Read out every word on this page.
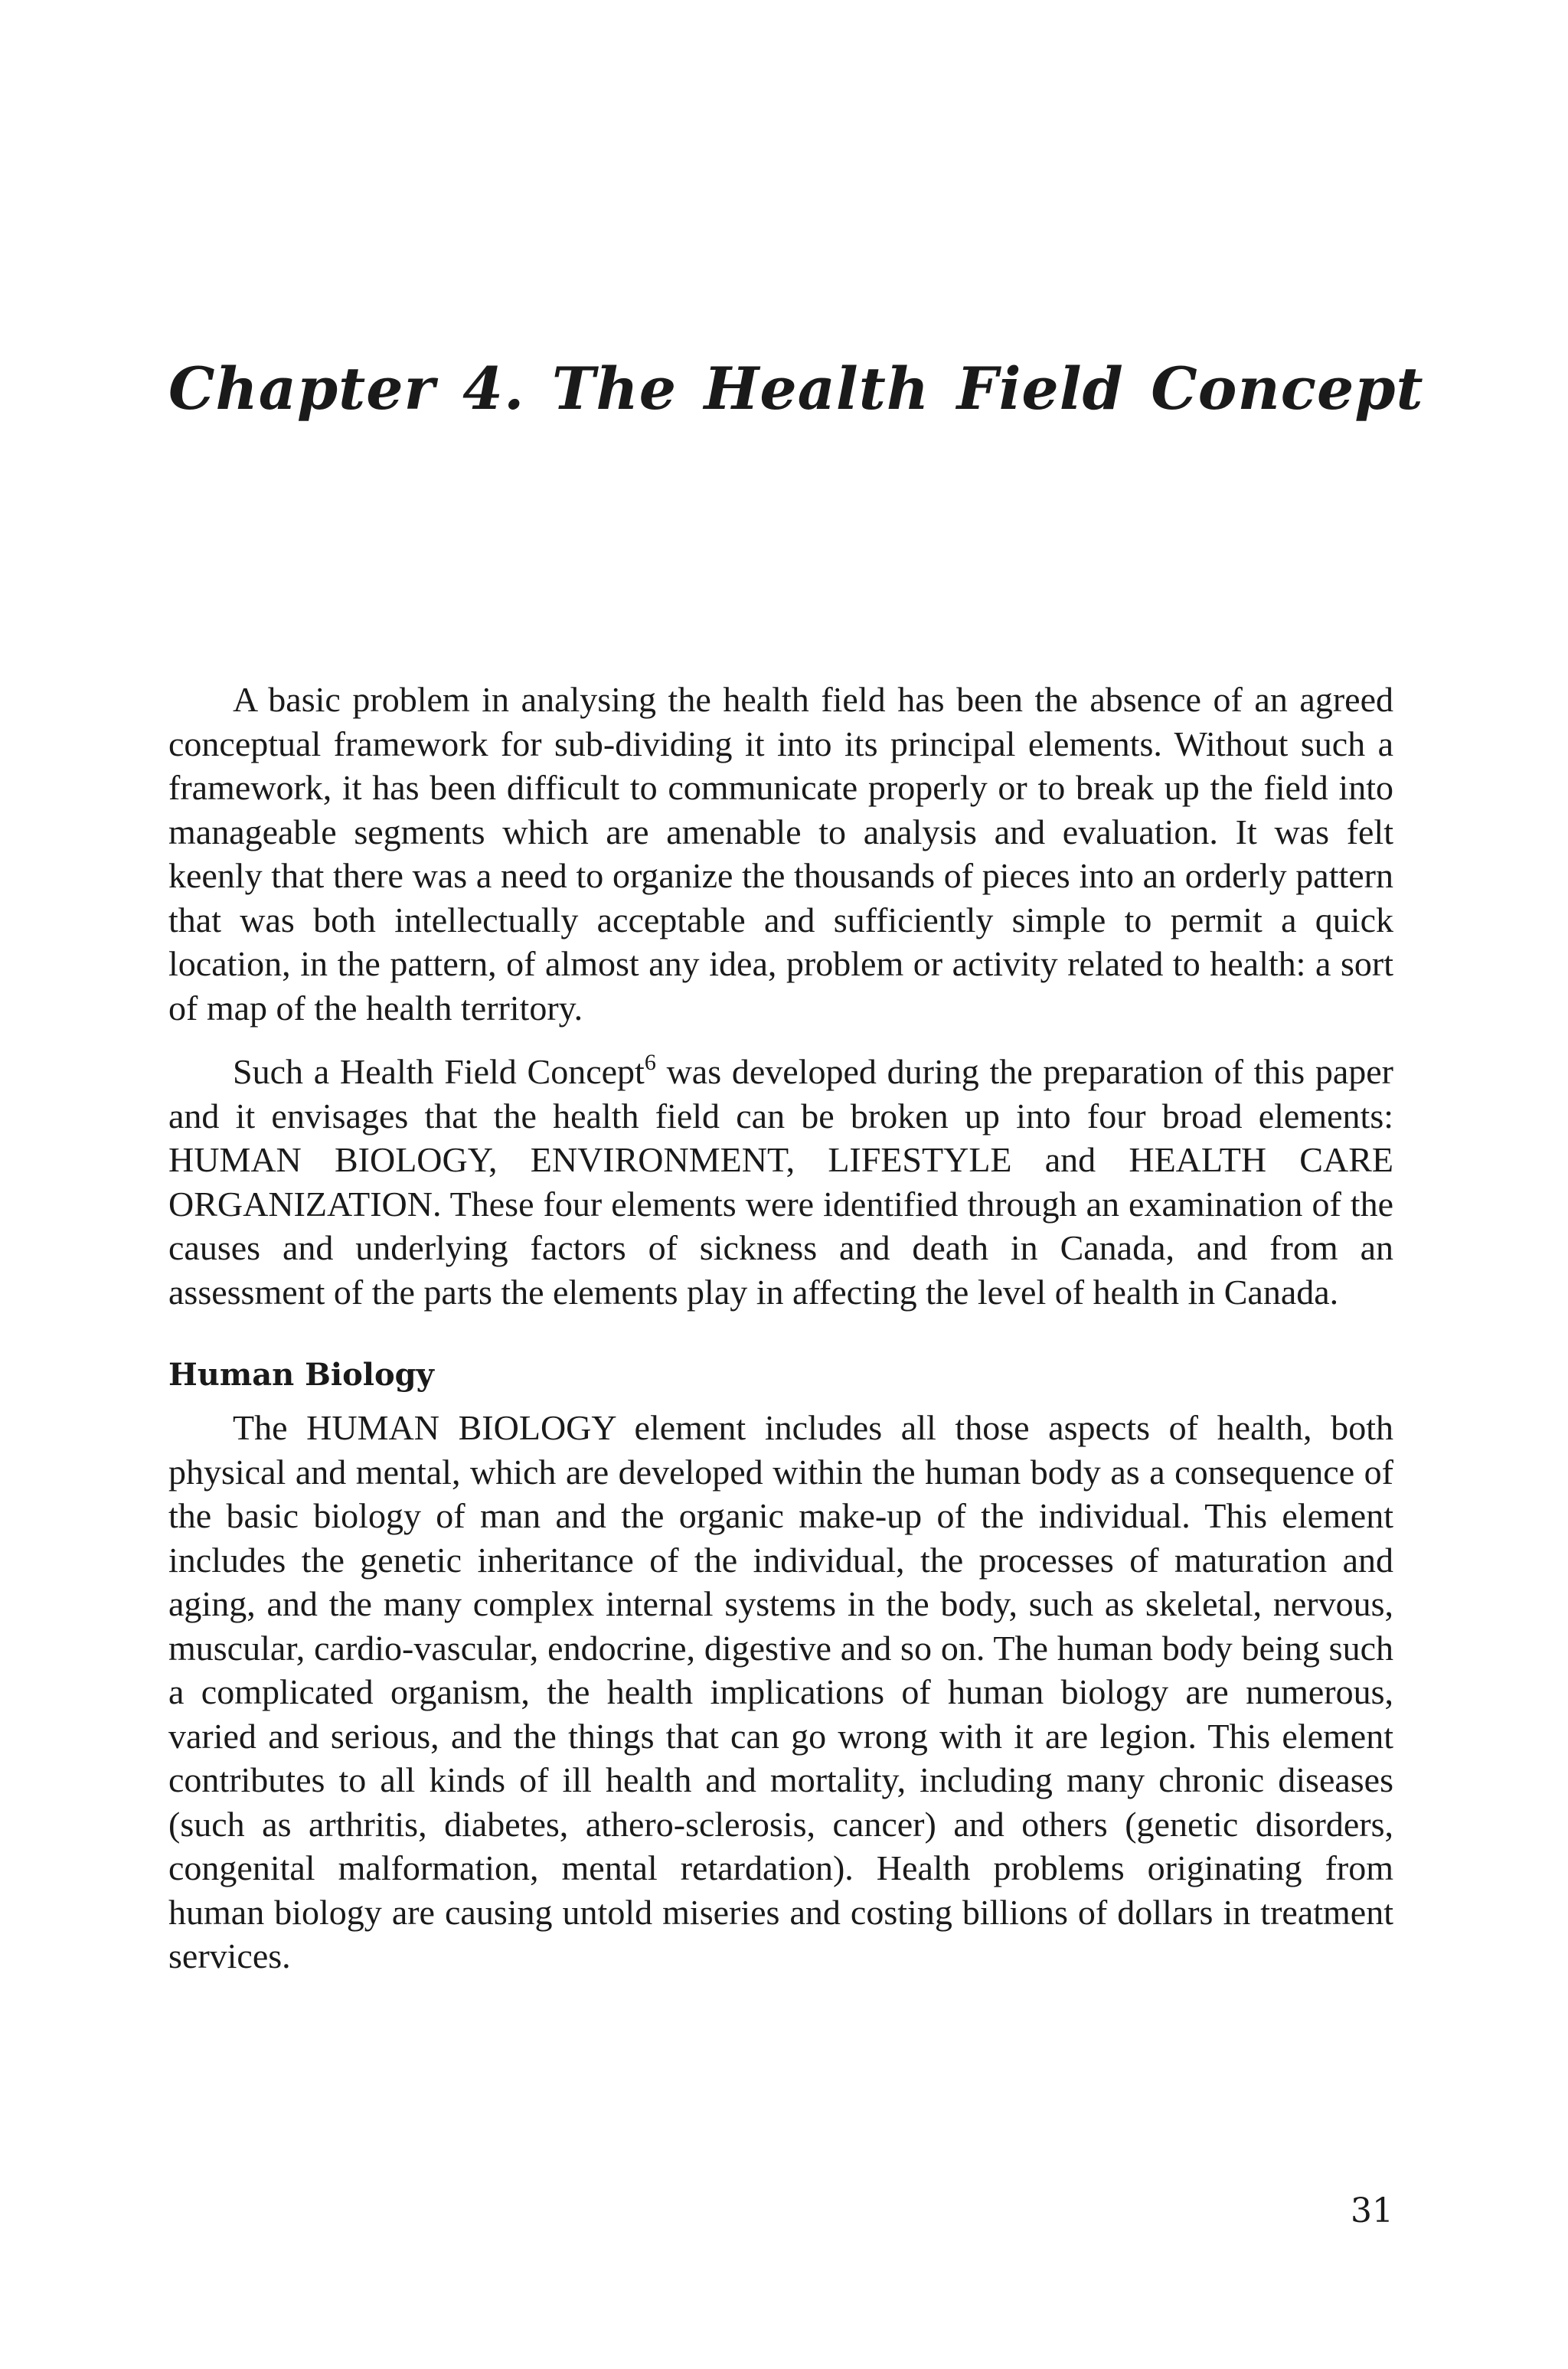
Chapter 4. The Health Field Concept

A basic problem in analysing the health field has been the absence of an agreed conceptual framework for sub-dividing it into its principal elements. Without such a framework, it has been difficult to communicate properly or to break up the field into manageable segments which are amenable to analysis and evaluation. It was felt keenly that there was a need to organize the thousands of pieces into an orderly pattern that was both intellectually acceptable and sufficiently simple to permit a quick location, in the pattern, of almost any idea, problem or activity related to health: a sort of map of the health territory.

Such a Health Field Concept$^6$ was developed during the preparation of this paper and it envisages that the health field can be broken up into four broad elements: HUMAN BIOLOGY, ENVIRONMENT, LIFESTYLE and HEALTH CARE ORGANIZATION. These four elements were identified through an examination of the causes and underlying factors of sickness and death in Canada, and from an assessment of the parts the elements play in affecting the level of health in Canada.

Human Biology

The HUMAN BIOLOGY element includes all those aspects of health, both physical and mental, which are developed within the human body as a consequence of the basic biology of man and the organic make-up of the individual. This element includes the genetic inheritance of the individual, the processes of maturation and aging, and the many complex internal systems in the body, such as skeletal, nervous, muscular, cardio-vascular, endocrine, digestive and so on. The human body being such a complicated organism, the health implications of human biology are numerous, varied and serious, and the things that can go wrong with it are legion. This element contributes to all kinds of ill health and mortality, including many chronic diseases (such as arthritis, diabetes, athero-sclerosis, cancer) and others (genetic disorders, congenital malformation, mental retardation). Health problems originating from human biology are causing untold miseries and costing billions of dollars in treatment services.

31
